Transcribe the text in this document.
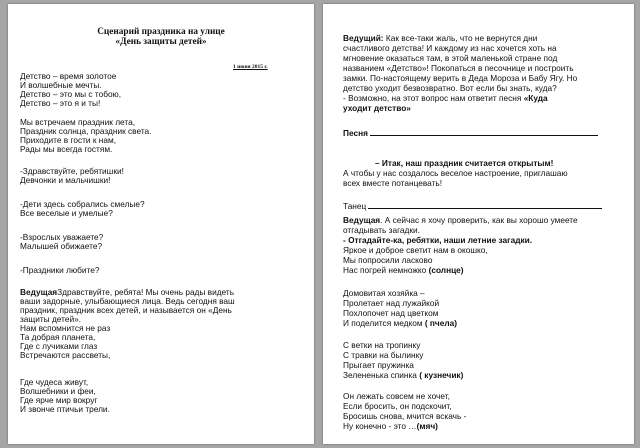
Сценарий праздника на улице
«День защиты детей»
1 июня 2015 г.
Детство – время золотое
И волшебные мечты.
Детство – это мы с тобою,
Детство – это я и ты!
Мы встречаем праздник лета,
Праздник солнца, праздник света.
Приходите в гости к нам,
Рады мы всегда гостям.
-Здравствуйте, ребятишки!
Девчонки и мальчишки!
-Дети здесь собрались смелые?
Все веселые и умелые?
-Взрослых уважаете?
Малышей обижаете?
-Праздники любите?
ВедущаяЗдравствуйте, ребята! Мы очень рады видеть
ваши задорные, улыбающиеся лица. Ведь сегодня ваш
праздник, праздник всех детей, и называется он «День
защиты детей».
Нам вспомнится не раз
Та добрая планета,
Где с лучиками глаз
Встречаются рассветы,
Где чудеса живут,
Волшебники и феи,
Где ярче мир вокруг
И звонче птичьи трели.
Ведущий: Как все-таки жаль, что не вернутся дни
счастливого детства! И каждому из нас хочется хоть на
мгновение оказаться там, в этой маленькой стране под
названием «Детство»! Покопаться в песочнице и построить
замки. По-настоящему верить в Деда Мороза и Бабу Ягу. Но
детство уходит безвозвратно. Вот если бы знать, куда?
- Возможно, на этот вопрос нам ответит песня «Куда
уходит детство»
Песня
– Итак, наш праздник считается открытым!
А чтобы у нас создалось веселое настроение, приглашаю
всех вместе потанцевать!
Танец
Ведущая. А сейчас я хочу проверить, как вы хорошо умеете
отгадывать загадки.
- Отгадайте-ка, ребятки, наши летние загадки.
Яркое и доброе светит нам в окошко,
Мы попросили ласково
Нас погрей немножко (солнце)
Домовитая хозяйка –
Пролетает над лужайкой
Похлопочет над цветком
И поделится медком ( пчела)
С ветки на тропинку
С травки на былинку
Прыгает пружинка
Зелененька спинка ( кузнечик)
Он лежать совсем не хочет,
Если бросить, он подскочит,
Бросишь снова, мчится вскачь -
Ну конечно - это …(мяч)
